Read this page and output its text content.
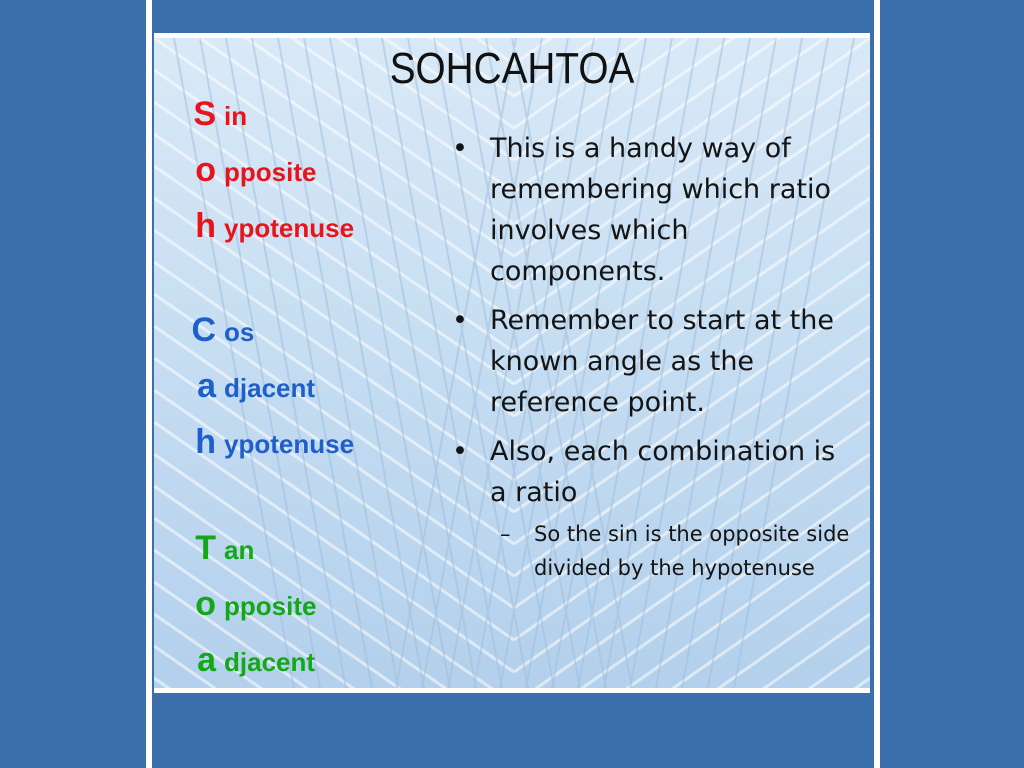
SOHCAHTOA
S in
o pposite
h ypotenuse
C os
a djacent
h ypotenuse
T an
o pposite
a djacent
• This is a handy way of remembering which ratio involves which components.
• Remember to start at the known angle as the reference point.
• Also, each combination is a ratio
– So the sin is the opposite side divided by the hypotenuse
